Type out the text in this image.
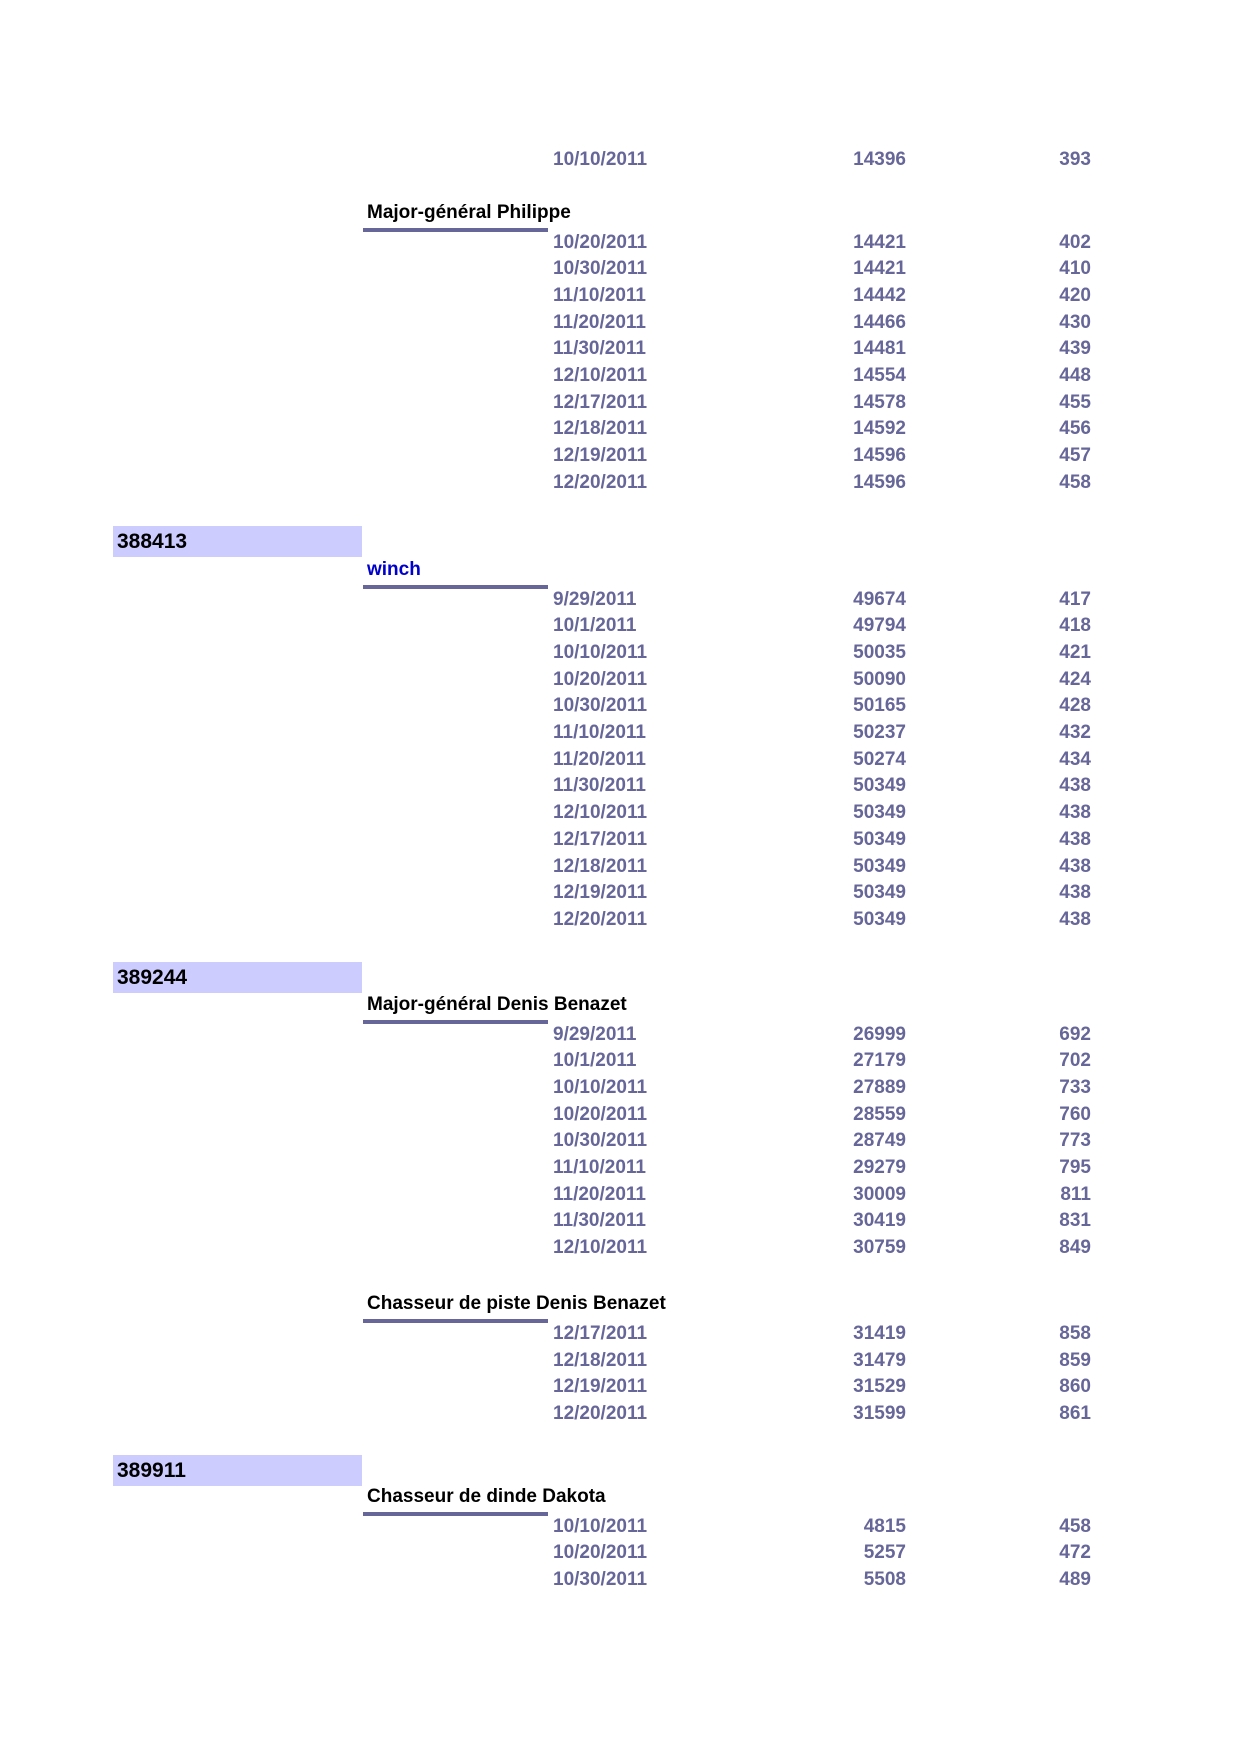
10/10/2011	14396	393
Major-général Philippe
10/20/2011	14421	402
10/30/2011	14421	410
11/10/2011	14442	420
11/20/2011	14466	430
11/30/2011	14481	439
12/10/2011	14554	448
12/17/2011	14578	455
12/18/2011	14592	456
12/19/2011	14596	457
12/20/2011	14596	458
388413
winch
9/29/2011	49674	417
10/1/2011	49794	418
10/10/2011	50035	421
10/20/2011	50090	424
10/30/2011	50165	428
11/10/2011	50237	432
11/20/2011	50274	434
11/30/2011	50349	438
12/10/2011	50349	438
12/17/2011	50349	438
12/18/2011	50349	438
12/19/2011	50349	438
12/20/2011	50349	438
389244
Major-général Denis Benazet
9/29/2011	26999	692
10/1/2011	27179	702
10/10/2011	27889	733
10/20/2011	28559	760
10/30/2011	28749	773
11/10/2011	29279	795
11/20/2011	30009	811
11/30/2011	30419	831
12/10/2011	30759	849
Chasseur de piste Denis Benazet
12/17/2011	31419	858
12/18/2011	31479	859
12/19/2011	31529	860
12/20/2011	31599	861
389911
Chasseur de dinde Dakota
10/10/2011	4815	458
10/20/2011	5257	472
10/30/2011	5508	489
